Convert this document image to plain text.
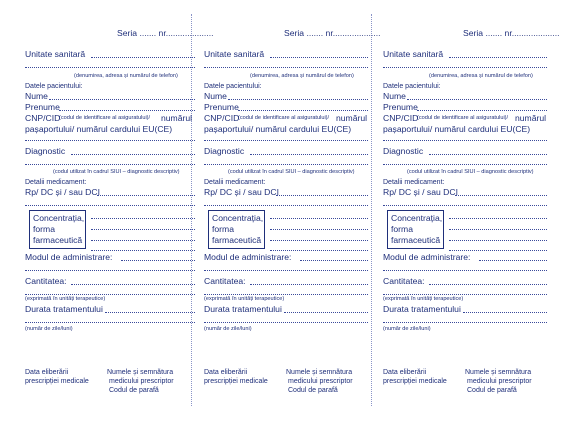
Seria ....... nr....................
Unitate sanitară
(denumirea, adresa și numărul de telefon)
Datele pacientului:
Nume
Prenume
CNP/CID
(codul de identificare al asiguratului)/ numărul
pașaportului/ numărul cardului EU(CE)
Diagnostic
(codul utilizat în cadrul SIUI – diagnostic descriptiv)
Detalii medicament:
Rp/ DC și / sau DCI
Concentrația,
forma
farmaceutică
Modul de administrare:
Cantitatea:
(exprimată în unități terapeutice)
Durata tratamentului
(număr de zile/luni)
Data eliberării
prescripției medicale
Numele și semnătura
medicului prescriptor
Codul de parafă
Seria ....... nr....................
Unitate sanitară
(denumirea, adresa și numărul de telefon)
Datele pacientului:
Nume
Prenume
CNP/CID
(codul de identificare al asiguratului)/ numărul
pașaportului/ numărul cardului EU(CE)
Diagnostic
(codul utilizat în cadrul SIUI – diagnostic descriptiv)
Detalii medicament:
Rp/ DC și / sau DCI
Concentrația,
forma
farmaceutică
Modul de administrare:
Cantitatea:
(exprimată în unități terapeutice)
Durata tratamentului
(număr de zile/luni)
Data eliberării
prescripției medicale
Numele și semnătura
medicului prescriptor
Codul de parafă
Seria ....... nr....................
Unitate sanitară
(denumirea, adresa și numărul de telefon)
Datele pacientului:
Nume
Prenume
CNP/CID
(codul de identificare al asiguratului)/ numărul
pașaportului/ numărul cardului EU(CE)
Diagnostic
(codul utilizat în cadrul SIUI – diagnostic descriptiv)
Detalii medicament:
Rp/ DC și / sau DCI
Concentrația,
forma
farmaceutică
Modul de administrare:
Cantitatea:
(exprimată în unități terapeutice)
Durata tratamentului
(număr de zile/luni)
Data eliberării
prescripției medicale
Numele și semnătura
medicului prescriptor
Codul de parafă
